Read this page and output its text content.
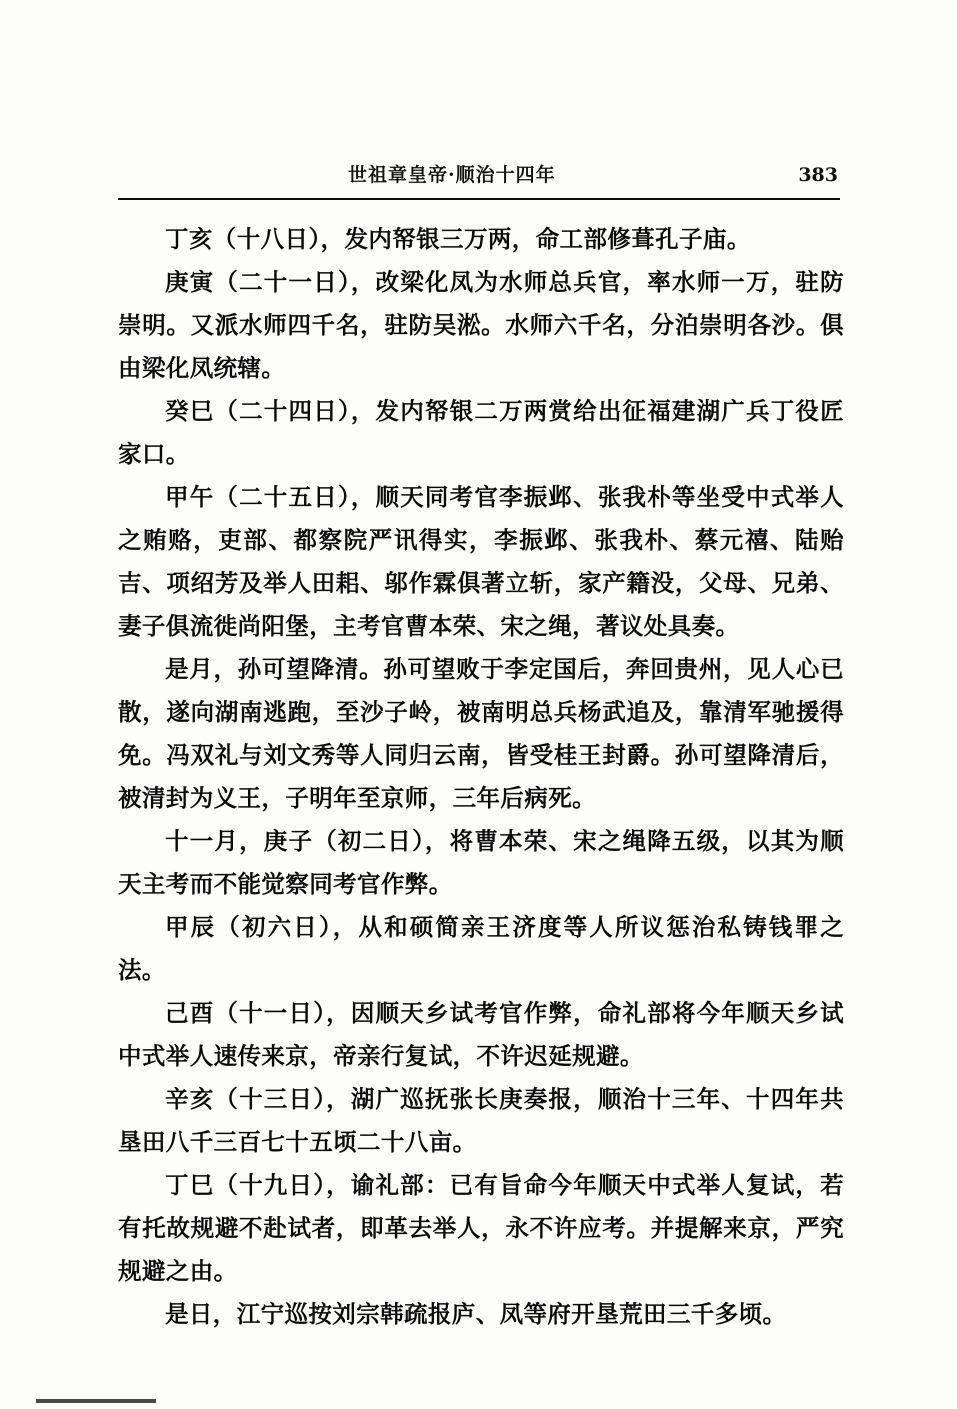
世祖章皇帝·顺治十四年	383

丁亥（十八日），发内帑银三万两，命工部修葺孔子庙。

庚寅（二十一日），改梁化凤为水师总兵官，率水师一万，驻防崇明。又派水师四千名，驻防吴淞。水师六千名，分泊崇明各沙。俱由梁化凤统辖。

癸巳（二十四日），发内帑银二万两赏给出征福建湖广兵丁役匠家口。

甲午（二十五日），顺天同考官李振邺、张我朴等坐受中式举人之贿赂，吏部、都察院严讯得实，李振邺、张我朴、蔡元禧、陆贻吉、项绍芳及举人田耜、邬作霖俱著立斩，家产籍没，父母、兄弟、妻子俱流徙尚阳堡，主考官曹本荣、宋之绳，著议处具奏。

是月，孙可望降清。孙可望败于李定国后，奔回贵州，见人心已散，遂向湖南逃跑，至沙子岭，被南明总兵杨武追及，靠清军驰援得免。冯双礼与刘文秀等人同归云南，皆受桂王封爵。孙可望降清后，被清封为义王，子明年至京师，三年后病死。

十一月，庚子（初二日），将曹本荣、宋之绳降五级，以其为顺天主考而不能觉察同考官作弊。

甲辰（初六日），从和硕简亲王济度等人所议惩治私铸钱罪之法。

己酉（十一日），因顺天乡试考官作弊，命礼部将今年顺天乡试中式举人速传来京，帝亲行复试，不许迟延规避。

辛亥（十三日），湖广巡抚张长庚奏报，顺治十三年、十四年共垦田八千三百七十五顷二十八亩。

丁巳（十九日），谕礼部：已有旨命今年顺天中式举人复试，若有托故规避不赴试者，即革去举人，永不许应考。并提解来京，严究规避之由。

是日，江宁巡按刘宗韩疏报庐、凤等府开垦荒田三千多顷。
